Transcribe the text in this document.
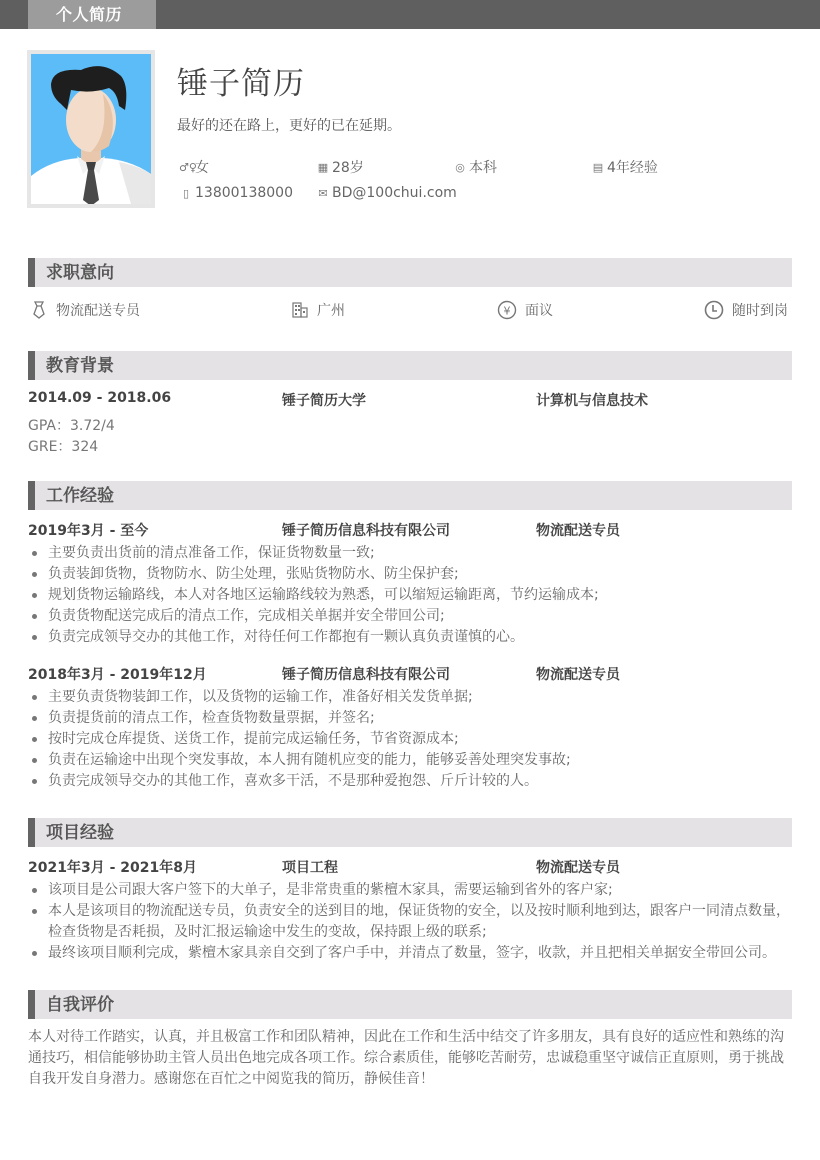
个人简历
锤子简历
最好的还在路上，更好的已在延期。
♂♀
女	▦ 28岁	◎ 本科	▤ 4年经验
▯ 13800138000 ✉ BD@100chui.com
求职意向
物流配送专员	广州	¥ 面议	随时到岗
教育背景
2014.09 - 2018.06	锤子简历大学	计算机与信息技术
GPA：3.72/4
GRE：324
工作经验
2019年3月 - 至今	锤子简历信息科技有限公司	物流配送专员
主要负责出货前的清点准备工作，保证货物数量一致;
负责装卸货物，货物防水、防尘处理，张贴货物防水、防尘保护套;
规划货物运输路线，本人对各地区运输路线较为熟悉，可以缩短运输距离，节约运输成本;
负责货物配送完成后的清点工作，完成相关单据并安全带回公司;
负责完成领导交办的其他工作，对待任何工作都抱有一颗认真负责谨慎的心。
2018年3月 - 2019年12月	锤子简历信息科技有限公司	物流配送专员
主要负责货物装卸工作，以及货物的运输工作，准备好相关发货单据;
负责提货前的清点工作，检查货物数量票据，并签名;
按时完成仓库提货、送货工作，提前完成运输任务，节省资源成本;
负责在运输途中出现个突发事故，本人拥有随机应变的能力，能够妥善处理突发事故;
负责完成领导交办的其他工作，喜欢多干活，不是那种爱抱怨、斤斤计较的人。
项目经验
2021年3月 - 2021年8月	项目工程	物流配送专员
该项目是公司跟大客户签下的大单子，是非常贵重的紫檀木家具，需要运输到省外的客户家;
本人是该项目的物流配送专员，负责安全的送到目的地，保证货物的安全，以及按时顺利地到达，跟客户一同清点数量，检查货物是否耗损，及时汇报运输途中发生的变故，保持跟上级的联系;
最终该项目顺利完成，紫檀木家具亲自交到了客户手中，并清点了数量，签字，收款，并且把相关单据安全带回公司。
自我评价
本人对待工作踏实，认真，并且极富工作和团队精神，因此在工作和生活中结交了许多朋友，具有良好的适应性和熟练的沟通技巧，相信能够协助主管人员出色地完成各项工作。综合素质佳，能够吃苦耐劳，忠诚稳重坚守诚信正直原则，勇于挑战自我开发自身潜力。感谢您在百忙之中阅览我的简历，静候佳音！
